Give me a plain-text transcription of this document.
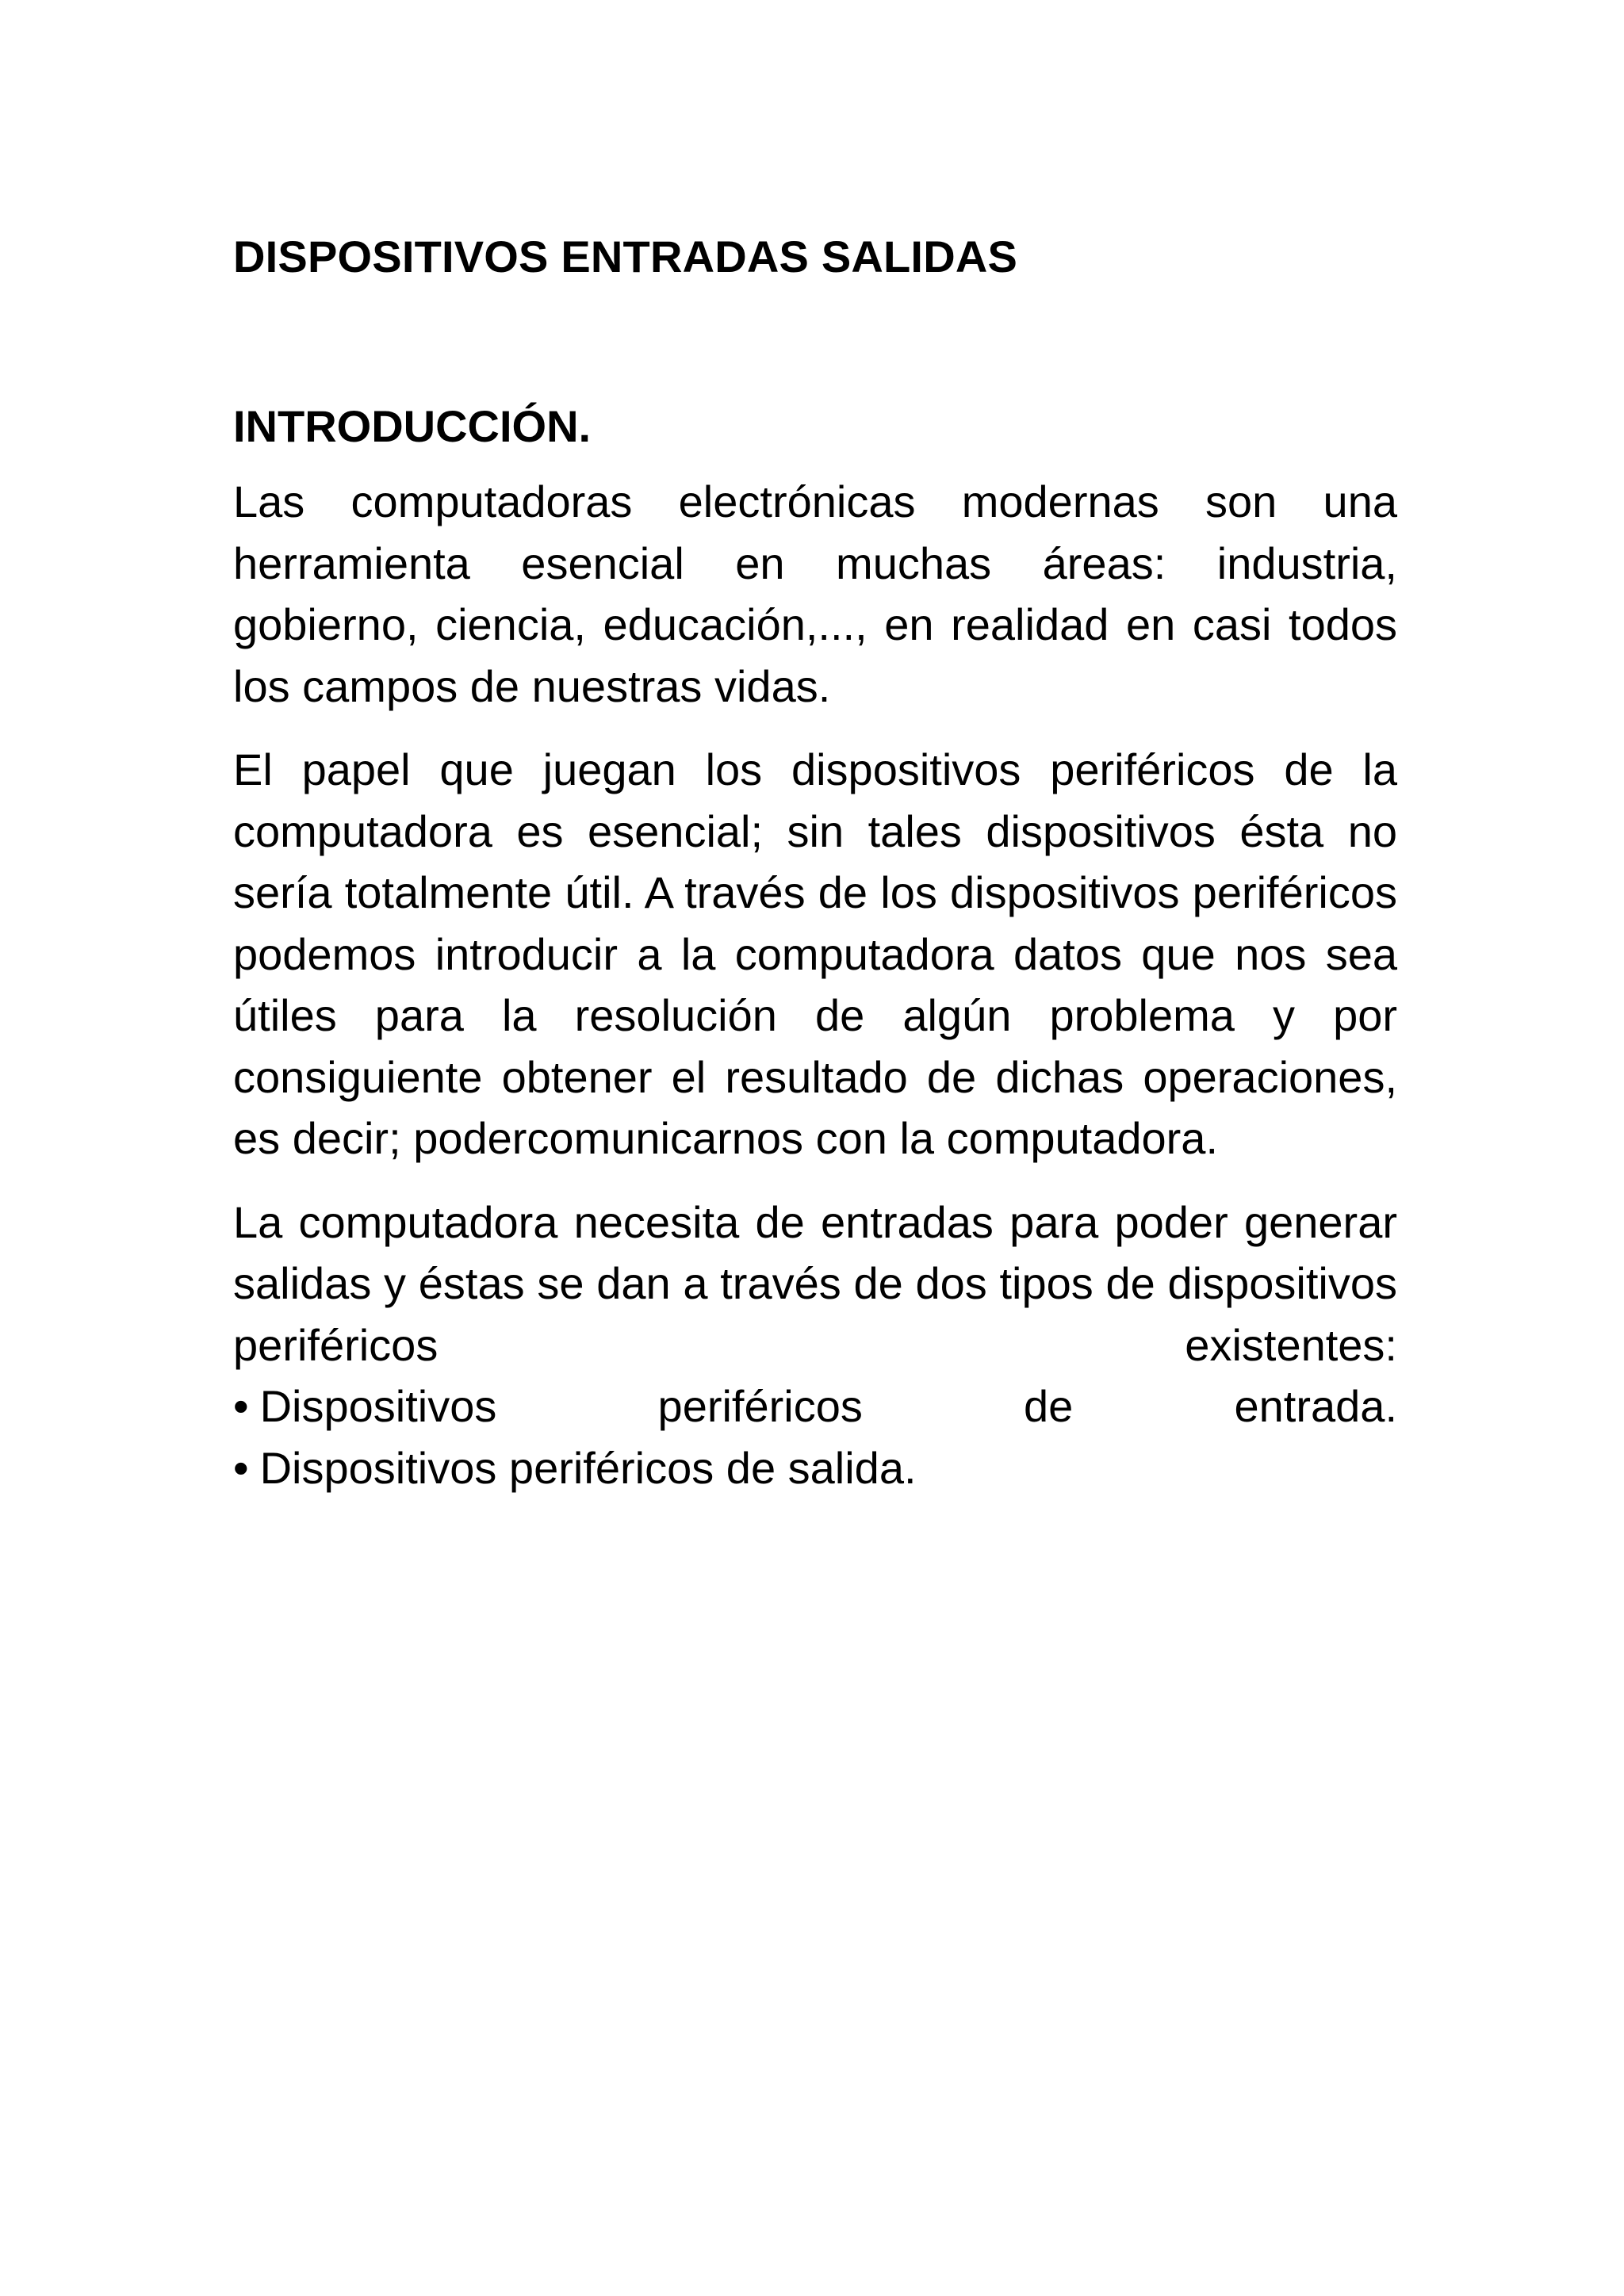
DISPOSITIVOS ENTRADAS SALIDAS
INTRODUCCIÓN.

Las computadoras electrónicas modernas son una herramienta esencial en muchas áreas: industria, gobierno, ciencia, educación,..., en realidad en casi todos los campos de nuestras vidas.

El papel que juegan los dispositivos periféricos de la computadora es esencial; sin tales dispositivos ésta no sería totalmente útil. A través de los dispositivos periféricos podemos introducir a la computadora datos que nos sea útiles para la resolución de algún problema y por consiguiente obtener el resultado de dichas operaciones, es decir; podercomunicarnos con la computadora.

La computadora necesita de entradas para poder generar salidas y éstas se dan a través de dos tipos de dispositivos periféricos existentes:

• Dispositivos periféricos de entrada.
• Dispositivos periféricos de salida.
